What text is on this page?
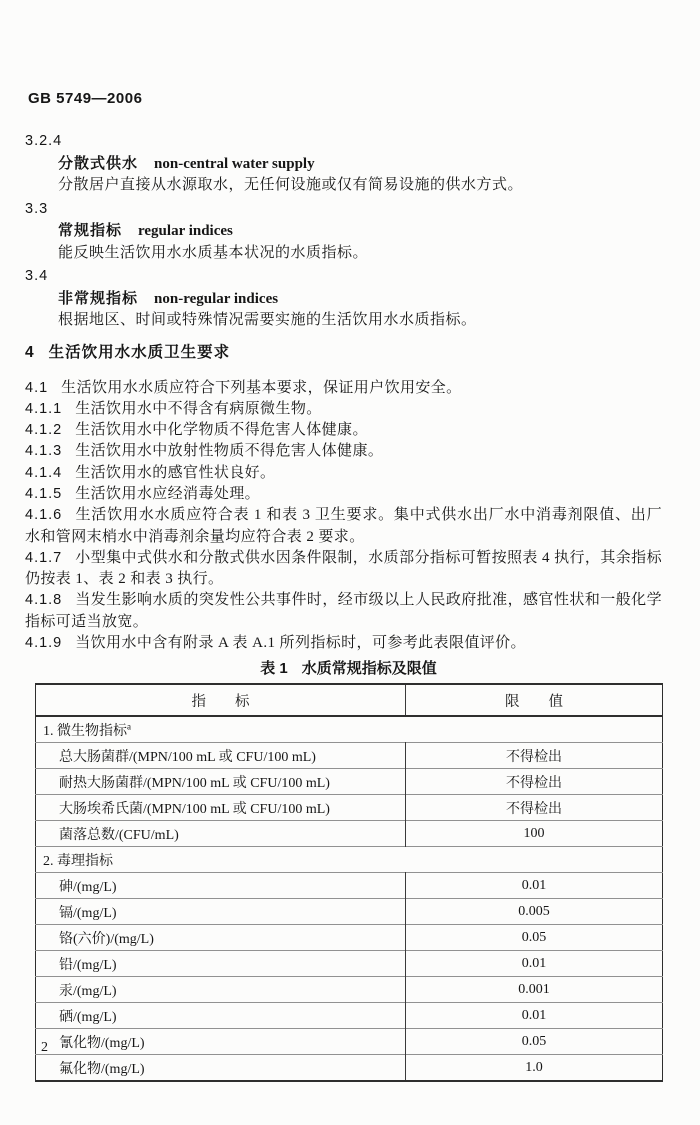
GB 5749—2006
3.2.4
分散式供水 non-central water supply
分散居户直接从水源取水，无任何设施或仅有简易设施的供水方式。
3.3
常规指标 regular indices
能反映生活饮用水水质基本状况的水质指标。
3.4
非常规指标 non-regular indices
根据地区、时间或特殊情况需要实施的生活饮用水水质指标。
4 生活饮用水水质卫生要求

4.1 生活饮用水水质应符合下列基本要求，保证用户饮用安全。

4.1.1 生活饮用水中不得含有病原微生物。

4.1.2 生活饮用水中化学物质不得危害人体健康。

4.1.3 生活饮用水中放射性物质不得危害人体健康。

4.1.4 生活饮用水的感官性状良好。

4.1.5 生活饮用水应经消毒处理。

4.1.6 生活饮用水水质应符合表 1 和表 3 卫生要求。集中式供水出厂水中消毒剂限值、出厂水和管网末梢水中消毒剂余量均应符合表 2 要求。

4.1.7 小型集中式供水和分散式供水因条件限制，水质部分指标可暂按照表 4 执行，其余指标仍按表 1、表 2 和表 3 执行。

4.1.8 当发生影响水质的突发性公共事件时，经市级以上人民政府批准，感官性状和一般化学指标可适当放宽。

4.1.9 当饮用水中含有附录 A 表 A.1 所列指标时，可参考此表限值评价。

表 1 水质常规指标及限值
指　　标	限　　值
1. 微生物指标$^a$
总大肠菌群/(MPN/100 mL 或 CFU/100 mL)	不得检出
耐热大肠菌群/(MPN/100 mL 或 CFU/100 mL)	不得检出
大肠埃希氏菌/(MPN/100 mL 或 CFU/100 mL)	不得检出
菌落总数/(CFU/mL)	100
2. 毒理指标	
砷/(mg/L)	0.01
镉/(mg/L)	0.005
铬(六价)/(mg/L)	0.05
铅/(mg/L)	0.01
汞/(mg/L)	0.001
硒/(mg/L)	0.01
氰化物/(mg/L)	0.05
氟化物/(mg/L)	1.0
2
